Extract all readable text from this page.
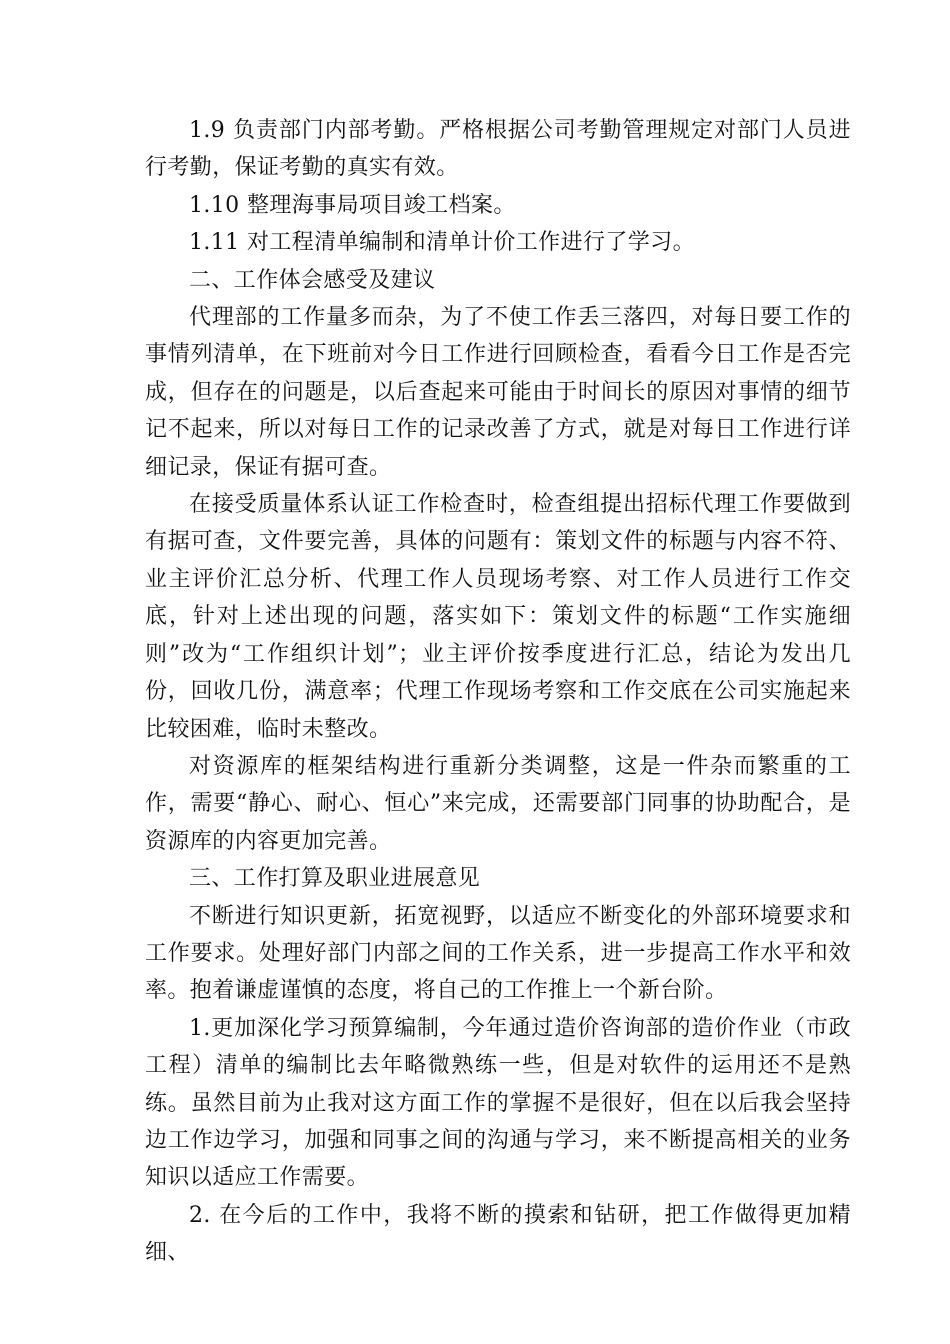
1.9 负责部门内部考勤。严格根据公司考勤管理规定对部门人员进行考勤，保证考勤的真实有效。

1.10 整理海事局项目竣工档案。

1.11 对工程清单编制和清单计价工作进行了学习。

二、工作体会感受及建议

代理部的工作量多而杂，为了不使工作丢三落四，对每日要工作的事情列清单，在下班前对今日工作进行回顾检查，看看今日工作是否完成，但存在的问题是，以后查起来可能由于时间长的原因对事情的细节记不起来，所以对每日工作的记录改善了方式，就是对每日工作进行详细记录，保证有据可查。

在接受质量体系认证工作检查时，检查组提出招标代理工作要做到有据可查，文件要完善，具体的问题有：策划文件的标题与内容不符、业主评价汇总分析、代理工作人员现场考察、对工作人员进行工作交底，针对上述出现的问题，落实如下：策划文件的标题“工作实施细则”改为“工作组织计划”；业主评价按季度进行汇总，结论为发出几份，回收几份，满意率；代理工作现场考察和工作交底在公司实施起来比较困难，临时未整改。

对资源库的框架结构进行重新分类调整，这是一件杂而繁重的工作，需要“静心、耐心、恒心”来完成，还需要部门同事的协助配合，是资源库的内容更加完善。

三、工作打算及职业进展意见

不断进行知识更新，拓宽视野，以适应不断变化的外部环境要求和工作要求。处理好部门内部之间的工作关系，进一步提高工作水平和效率。抱着谦虚谨慎的态度，将自己的工作推上一个新台阶。

1.更加深化学习预算编制，今年通过造价咨询部的造价作业（市政工程）清单的编制比去年略微熟练一些，但是对软件的运用还不是熟练。虽然目前为止我对这方面工作的掌握不是很好，但在以后我会坚持边工作边学习，加强和同事之间的沟通与学习，来不断提高相关的业务知识以适应工作需要。

2. 在今后的工作中，我将不断的摸索和钻研，把工作做得更加精细、
